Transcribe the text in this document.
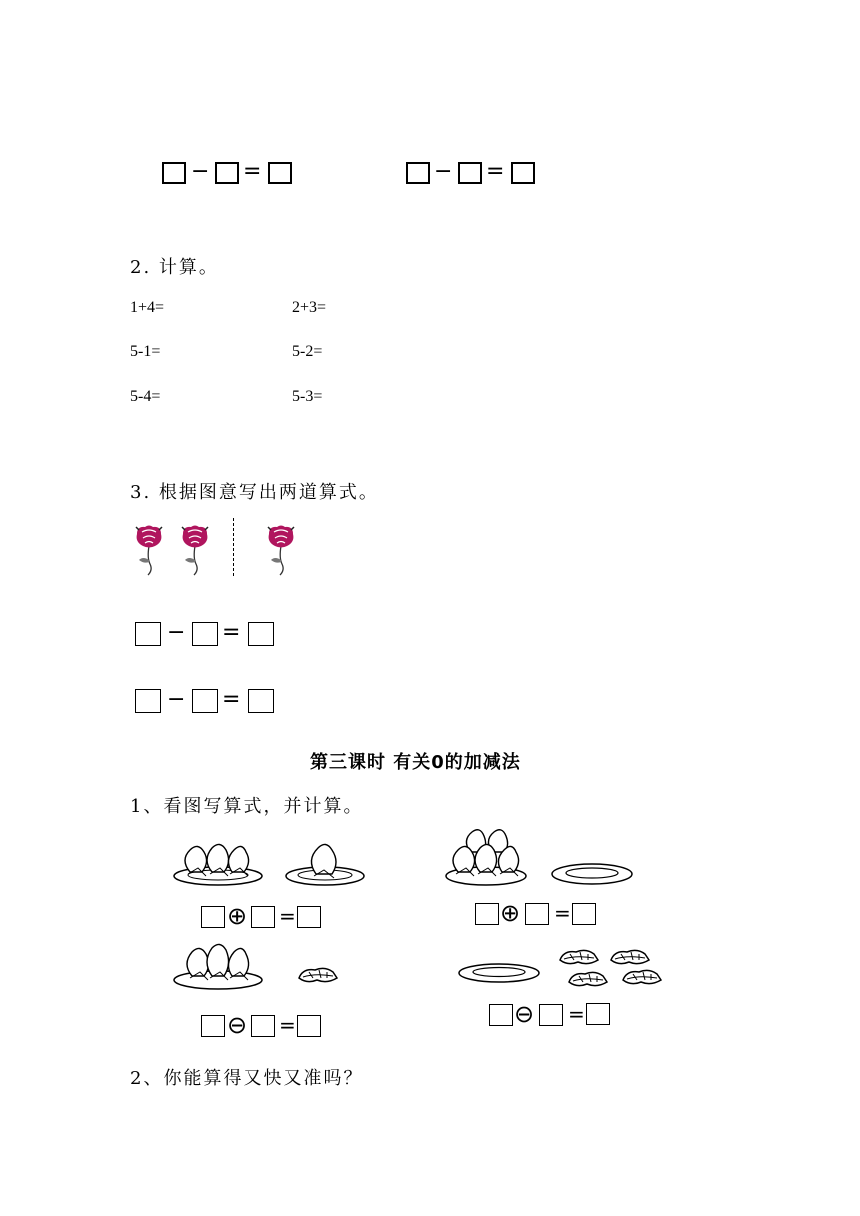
− =	− =
2. 计算。
1+4=	2+3=
5-1=	5-2=
5-4=	5-3=
3. 根据图意写出两道算式。
− =
− =
第三课时 有关0的加减法
1、看图写算式，并计算。
⊕ =	⊕ =
⊖ =	⊖ =
2、你能算得又快又准吗？
